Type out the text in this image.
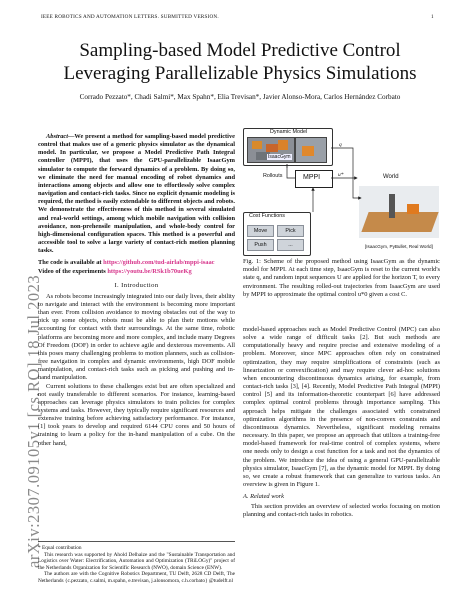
IEEE ROBOTICS AND AUTOMATION LETTERS. SUBMITTED VERSION.	1
arXiv:2307.09105v1 [cs.RO] 18 Jul 2023
Sampling-based Model Predictive Control
Leveraging Parallelizable Physics Simulations
Corrado Pezzato*, Chadi Salmi*, Max Spahn*, Elia Trevisan*, Javier Alonso-Mora, Carlos Hernández Corbato

Abstract—We present a method for sampling-based model predictive control that makes use of a generic physics simulator as the dynamical model. In particular, we propose a Model Predictive Path Integral controller (MPPI), that uses the GPU-parallelizable IsaacGym simulator to compute the forward dynamics of a problem. By doing so, we eliminate the need for manual encoding of robot dynamics and interactions among objects and allow one to effortlessly solve complex navigation and contact-rich tasks. Since no explicit dynamic modeling is required, the method is easily extendable to different objects and robots. We demonstrate the effectiveness of this method in several simulated and real-world settings, among which mobile navigation with collision avoidance, non-prehensile manipulation, and whole-body control for high-dimensional configuration spaces. This method is a powerful and accessible tool to solve a large variety of contact-rich motion planning tasks.

The code is available at https://github.com/tud-airlab/mppi-isaac
Video of the experiments https://youtu.be/RSk1b70ueKg
I. Introduction

As robots become increasingly integrated into our daily lives, their ability to navigate and interact with the environment is becoming more important than ever. From collision avoidance to moving obstacles out of the way to pick up some objects, robots must be able to plan their motions while accounting for contact with their surroundings. At the same time, robotic platforms are becoming more and more complex, and include many Degrees Of Freedom (DOF) in order to achieve agile and dexterous movements. All this poses many challenging problems to motion planners, such as collision-free navigation in complex and dynamic environments, high DOF mobile manipulation, and contact-rich tasks such as picking and pushing and in-hand manipulation.

Current solutions to these challenges exist but are often specialized and not easily transferable to different scenarios. For instance, learning-based approaches can leverage physics simulators to train policies for complex systems and tasks. However, they typically require significant resources and extensive training before achieving satisfactory performance. For instance, [1] took years to develop and required 6144 CPU cores and 50 hours of training to learn a policy for the in-hand manipulation of a cube. On the other hand,

* Equal contribution
This research was supported by Ahold Delhaize and the "Sustainable Transportation and Logistics over Water: Electrification, Automation and Optimization (TRiLOGy)" project of the Netherlands Organization for Scientific Research (NWO), domain Science (ENW).
The authors are with the Cognitive Robotics Department, TU Delft, 2628 CD Delft, The Netherlands {c.pezzato, c.salmi, m.spahn, e.trevisan, j.alonsomora, c.h.corbato} @tudelft.nl
Dynamic Model
IsaacGym
q
Rollouts	MPPI	u*	World
[IsaacGym, PyBullet, Real World]
Cost Functions
Move	Pick
Push	...
Fig. 1: Scheme of the proposed method using IsaacGym as the dynamic model for MPPI. At each time step, IsaacGym is reset to the current world's state q, and random input sequences U are applied for the horizon T, to every environment. The resulting rolled-out trajectories from IsaacGym are used by MPPI to approximate the optimal control u*0 given a cost C.

model-based approaches such as Model Predictive Control (MPC) can also solve a wide range of difficult tasks [2]. But such methods are computationally heavy and require precise and extensive modeling of a problem. Moreover, since MPC approaches often rely on constrained optimization, they may require simplifications of constraints (such as linearization or convexification) and may require clever ad-hoc solutions when encountering discontinuous dynamics arising, for example, from contact-rich tasks [3], [4]. Recently, Model Predictive Path Integral (MPPI) control [5] and its information-theoretic counterpart [6] have addressed complex optimal control problems through importance sampling. This approach helps mitigate the challenges associated with constrained optimization algorithms in the presence of non-convex constraints and discontinuous dynamics. Nevertheless, significant modeling remains necessary. In this paper, we propose an approach that utilizes a training-free model-based framework for real-time control of complex systems, where one needs only to design a cost function for a task and not the dynamics of the problem. We introduce the idea of using a general GPU-parallelizable physics simulator, IsaacGym [7], as the dynamic model for MPPI. By doing so, we create a robust framework that can generalize to various tasks. An overview is given in Figure 1.

A. Related work

This section provides an overview of selected works focusing on motion planning and contact-rich tasks in robotics.
